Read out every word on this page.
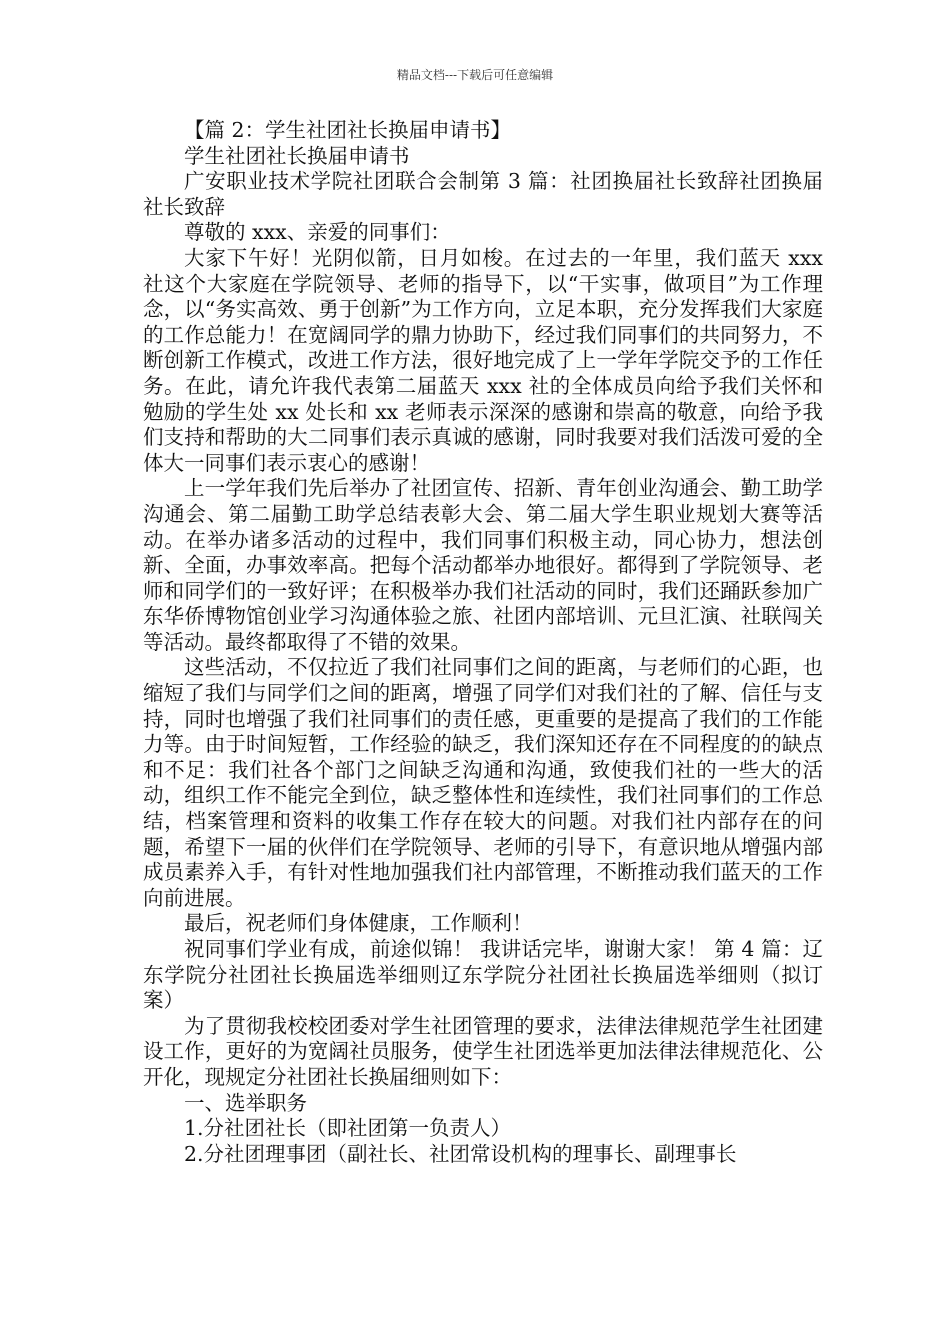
精品文档---下载后可任意编辑

【篇 2：学生社团社长换届申请书】

学生社团社长换届申请书

广安职业技术学院社团联合会制第 3 篇：社团换届社长致辞社团换届社长致辞

尊敬的 xxx、亲爱的同事们：

大家下午好！光阴似箭，日月如梭。在过去的一年里，我们蓝天 xxx 社这个大家庭在学院领导、老师的指导下，以“干实事，做项目”为工作理念，以“务实高效、勇于创新”为工作方向，立足本职，充分发挥我们大家庭的工作总能力！在宽阔同学的鼎力协助下，经过我们同事们的共同努力，不断创新工作模式，改进工作方法，很好地完成了上一学年学院交予的工作任务。在此，请允许我代表第二届蓝天 xxx 社的全体成员向给予我们关怀和勉励的学生处 xx 处长和 xx 老师表示深深的感谢和崇高的敬意，向给予我们支持和帮助的大二同事们表示真诚的感谢，同时我要对我们活泼可爱的全体大一同事们表示衷心的感谢！

上一学年我们先后举办了社团宣传、招新、青年创业沟通会、勤工助学沟通会、第二届勤工助学总结表彰大会、第二届大学生职业规划大赛等活动。在举办诸多活动的过程中，我们同事们积极主动，同心协力，想法创新、全面，办事效率高。把每个活动都举办地很好。都得到了学院领导、老师和同学们的一致好评；在积极举办我们社活动的同时，我们还踊跃参加广东华侨博物馆创业学习沟通体验之旅、社团内部培训、元旦汇演、社联闯关等活动。最终都取得了不错的效果。

这些活动，不仅拉近了我们社同事们之间的距离，与老师们的心距，也缩短了我们与同学们之间的距离，增强了同学们对我们社的了解、信任与支持，同时也增强了我们社同事们的责任感，更重要的是提高了我们的工作能力等。由于时间短暂，工作经验的缺乏，我们深知还存在不同程度的的缺点和不足：我们社各个部门之间缺乏沟通和沟通，致使我们社的一些大的活动，组织工作不能完全到位，缺乏整体性和连续性，我们社同事们的工作总结，档案管理和资料的收集工作存在较大的问题。对我们社内部存在的问题，希望下一届的伙伴们在学院领导、老师的引导下，有意识地从增强内部成员素养入手，有针对性地加强我们社内部管理，不断推动我们蓝天的工作向前进展。

最后，祝老师们身体健康，工作顺利！

祝同事们学业有成，前途似锦！ 我讲话完毕，谢谢大家！ 第 4 篇：辽东学院分社团社长换届选举细则辽东学院分社团社长换届选举细则（拟订案）

为了贯彻我校校团委对学生社团管理的要求，法律法律规范学生社团建设工作，更好的为宽阔社员服务，使学生社团选举更加法律法律规范化、公开化，现规定分社团社长换届细则如下：

一、选举职务

1.分社团社长（即社团第一负责人）

2.分社团理事团（副社长、社团常设机构的理事长、副理事长
